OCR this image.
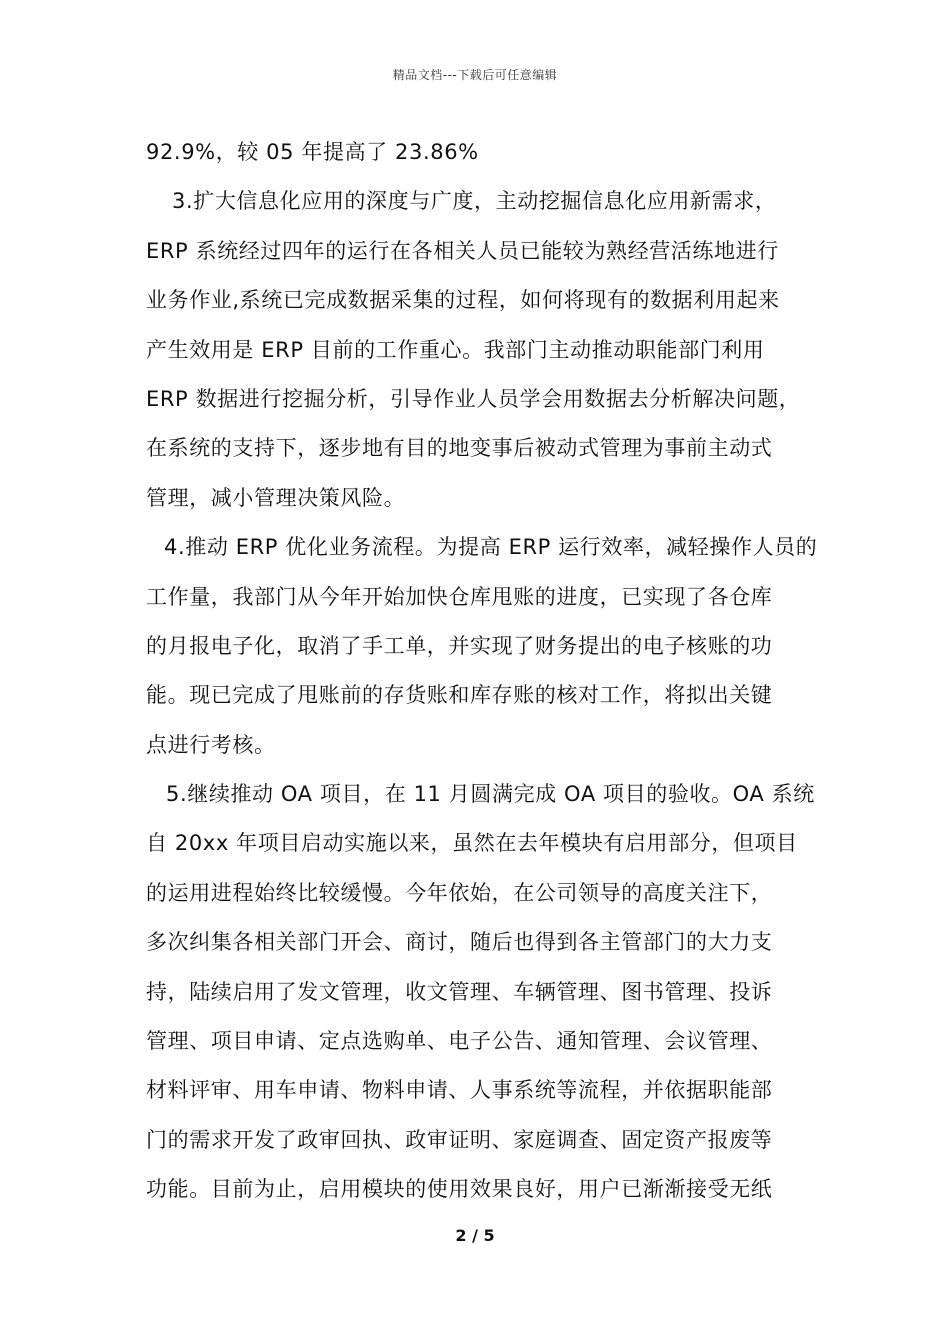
精品文档---下载后可任意编辑
92.9%，较 05 年提高了 23.86%
3.扩大信息化应用的深度与广度，主动挖掘信息化应用新需求，
ERP 系统经过四年的运行在各相关人员已能较为熟经营活练地进行
业务作业,系统已完成数据采集的过程，如何将现有的数据利用起来
产生效用是 ERP 目前的工作重心。我部门主动推动职能部门利用
ERP 数据进行挖掘分析，引导作业人员学会用数据去分析解决问题，
在系统的支持下，逐步地有目的地变事后被动式管理为事前主动式
管理，减小管理决策风险。
4.推动 ERP 优化业务流程。为提高 ERP 运行效率，减轻操作人员的
工作量，我部门从今年开始加快仓库甩账的进度，已实现了各仓库
的月报电子化，取消了手工单，并实现了财务提出的电子核账的功
能。现已完成了甩账前的存货账和库存账的核对工作，将拟出关键
点进行考核。
5.继续推动 OA 项目，在 11 月圆满完成 OA 项目的验收。OA 系统
自 20xx 年项目启动实施以来，虽然在去年模块有启用部分，但项目
的运用进程始终比较缓慢。今年依始，在公司领导的高度关注下，
多次纠集各相关部门开会、商讨，随后也得到各主管部门的大力支
持，陆续启用了发文管理，收文管理、车辆管理、图书管理、投诉
管理、项目申请、定点选购单、电子公告、通知管理、会议管理、
材料评审、用车申请、物料申请、人事系统等流程，并依据职能部
门的需求开发了政审回执、政审证明、家庭调查、固定资产报废等
功能。目前为止，启用模块的使用效果良好，用户已渐渐接受无纸
2 / 5
